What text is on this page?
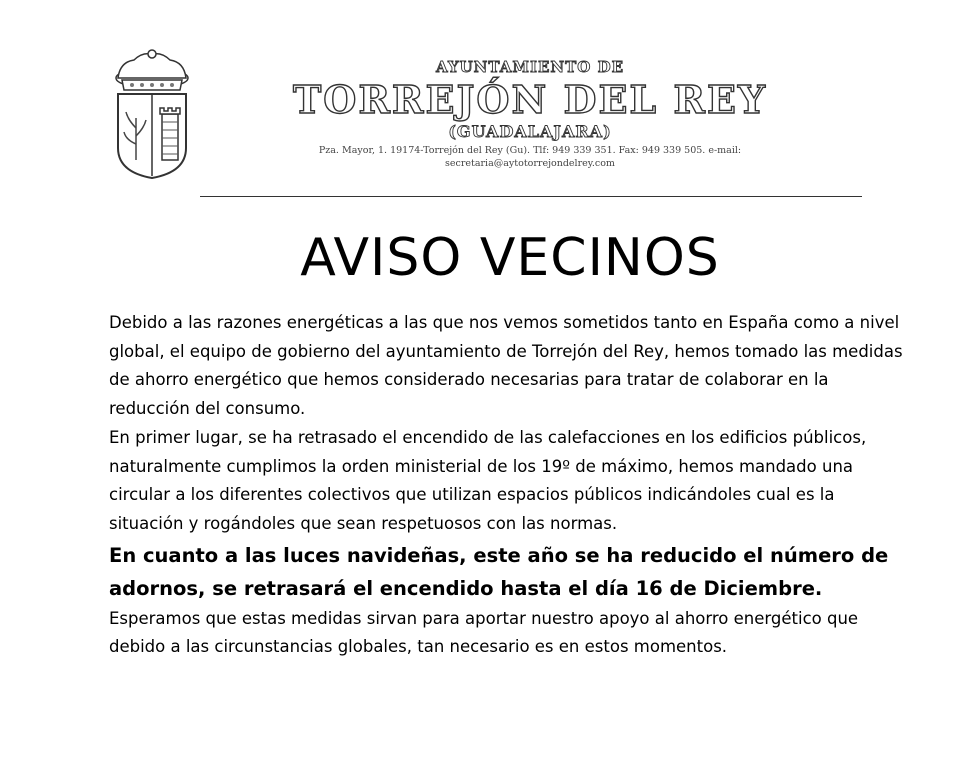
AYUNTAMIENTO DE
TORREJÓN DEL REY
(GUADALAJARA)
Pza. Mayor, 1. 19174-Torrejón del Rey (Gu). Tlf: 949 339 351. Fax: 949 339 505. e-mail:
secretaria@aytotorrejondelrey.com
AVISO VECINOS

Debido a las razones energéticas a las que nos vemos sometidos tanto en España como a nivel global, el equipo de gobierno del ayuntamiento de Torrejón del Rey, hemos tomado las medidas de ahorro energético que hemos considerado necesarias para tratar de colaborar en la reducción del consumo.

En primer lugar, se ha retrasado el encendido de las calefacciones en los edificios públicos, naturalmente cumplimos la orden ministerial de los 19º de máximo, hemos mandado una circular a los diferentes colectivos que utilizan espacios públicos indicándoles cual es la situación y rogándoles que sean respetuosos con las normas.

En cuanto a las luces navideñas, este año se ha reducido el número de adornos, se retrasará el encendido hasta el día 16 de Diciembre.

Esperamos que estas medidas sirvan para aportar nuestro apoyo al ahorro energético que debido a las circunstancias globales, tan necesario es en estos momentos.
